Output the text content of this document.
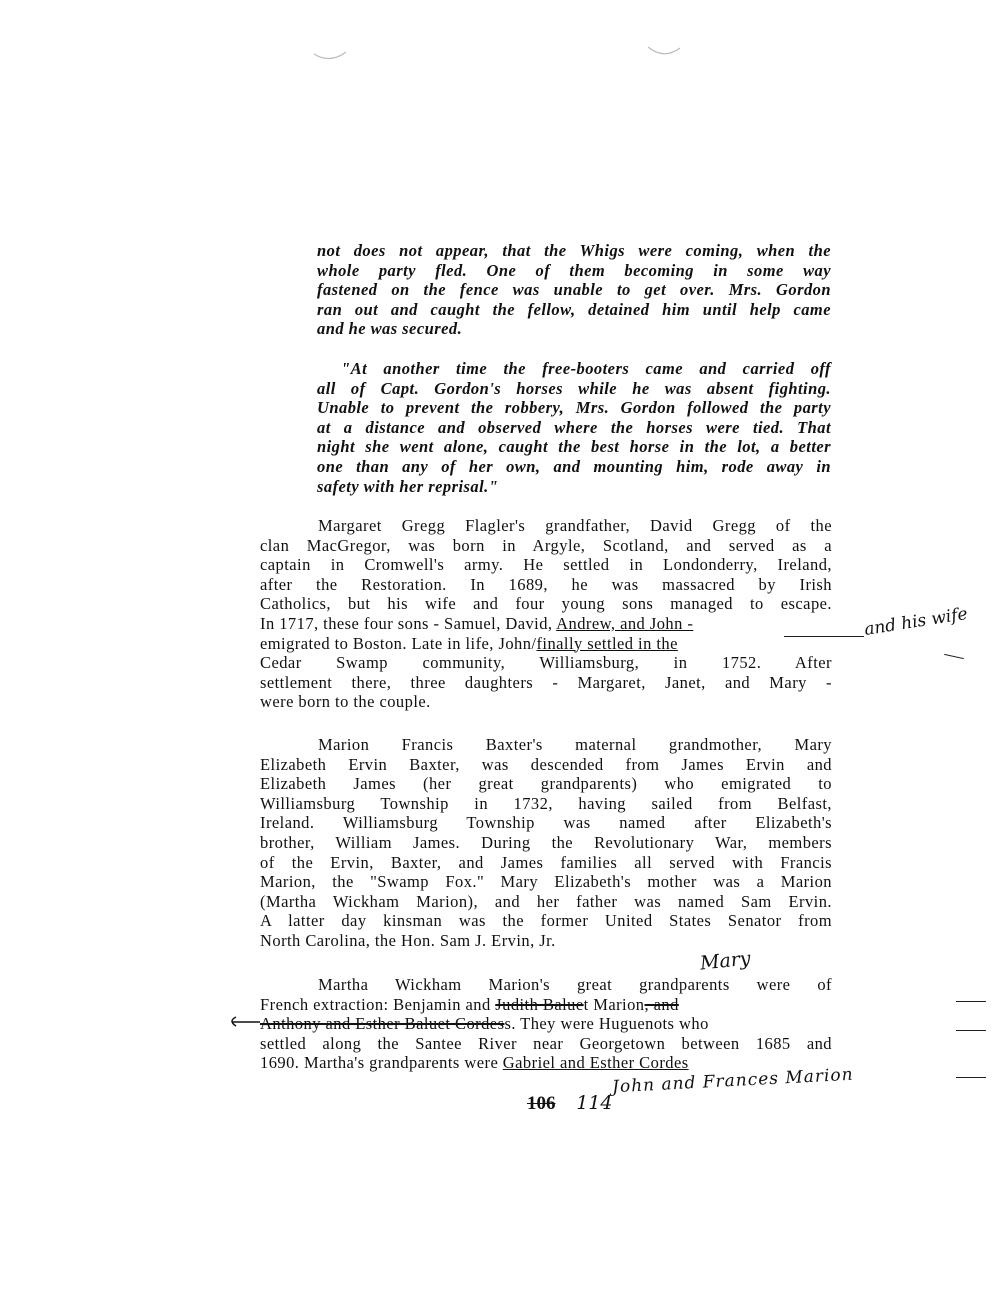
not does not appear, that the Whigs were coming, when the
whole party fled. One of them becoming in some way
fastened on the fence was unable to get over. Mrs. Gordon
ran out and caught the fellow, detained him until help came
and he was secured.
"At another time the free-booters came and carried off
all of Capt. Gordon's horses while he was absent fighting.
Unable to prevent the robbery, Mrs. Gordon followed the party
at a distance and observed where the horses were tied. That
night she went alone, caught the best horse in the lot, a better
one than any of her own, and mounting him, rode away in
safety with her reprisal."
Margaret Gregg Flagler's grandfather, David Gregg of the
clan MacGregor, was born in Argyle, Scotland, and served as a
captain in Cromwell's army. He settled in Londonderry, Ireland,
after the Restoration. In 1689, he was massacred by Irish
Catholics, but his wife and four young sons managed to escape.
In 1717, these four sons - Samuel, David, Andrew, and John -
emigrated to Boston. Late in life, John/finally settled in the
Cedar Swamp community, Williamsburg, in 1752. After
settlement there, three daughters - Margaret, Janet, and Mary -
were born to the couple.
and his wife
Marion Francis Baxter's maternal grandmother, Mary
Elizabeth Ervin Baxter, was descended from James Ervin and
Elizabeth James (her great grandparents) who emigrated to
Williamsburg Township in 1732, having sailed from Belfast,
Ireland. Williamsburg Township was named after Elizabeth's
brother, William James. During the Revolutionary War, members
of the Ervin, Baxter, and James families all served with Francis
Marion, the "Swamp Fox." Mary Elizabeth's mother was a Marion
(Martha Wickham Marion), and her father was named Sam Ervin.
A latter day kinsman was the former United States Senator from
North Carolina, the Hon. Sam J. Ervin, Jr.
Mary
Martha Wickham Marion's great grandparents were of
French extraction: Benjamin and Judith Baluet Marion, and
Anthony and Esther Baluet Cordess. They were Huguenots who
settled along the Santee River near Georgetown between 1685 and
1690. Martha's grandparents were Gabriel and Esther Cordes
John and Frances Marion
106 114
